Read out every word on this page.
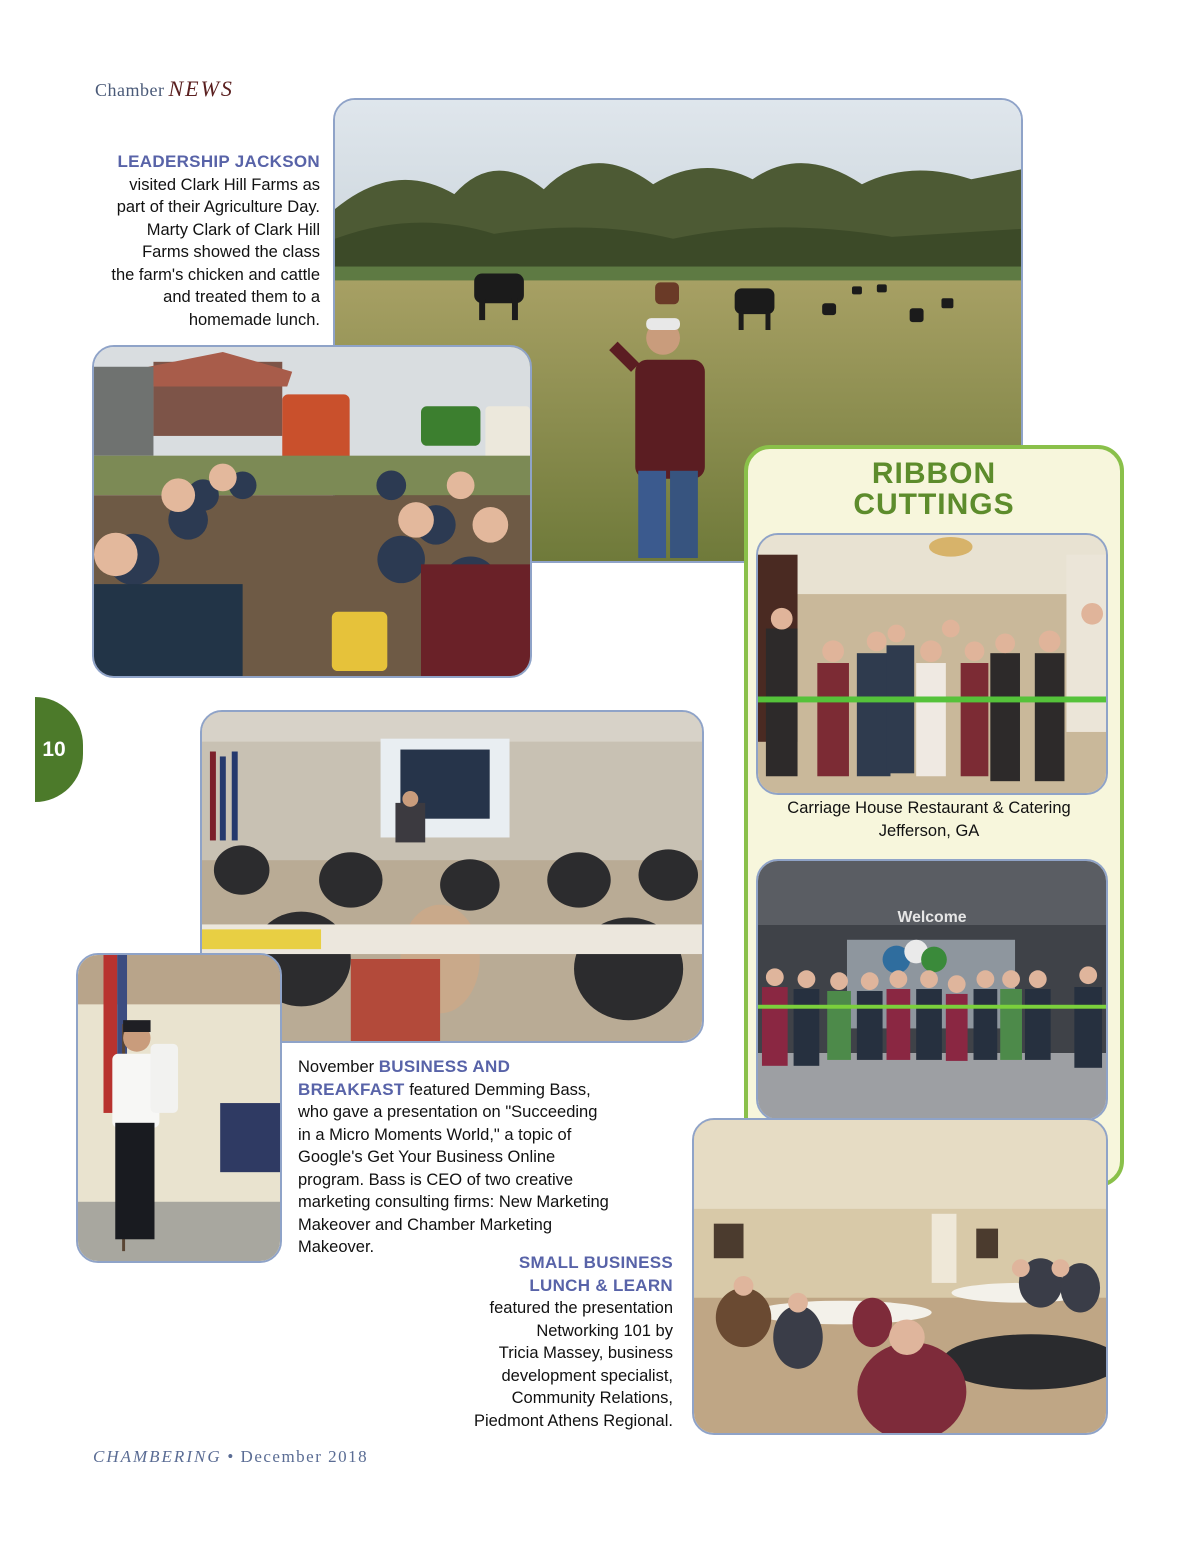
Chamber NEWS
LEADERSHIP JACKSON
visited Clark Hill Farms as
part of their Agriculture Day.
Marty Clark of Clark Hill
Farms showed the class
the farm's chicken and cattle
and treated them to a
homemade lunch.
10
RIBBON
CUTTINGS
Carriage House Restaurant & Catering
Jefferson, GA
Welcome
November BUSINESS AND
BREAKFAST featured Demming Bass,
who gave a presentation on "Succeeding
in a Micro Moments World," a topic of
Google's Get Your Business Online
program. Bass is CEO of two creative
marketing consulting firms: New Marketing
Makeover and Chamber Marketing
Makeover.
SMALL BUSINESS
LUNCH & LEARN
featured the presentation
Networking 101 by
Tricia Massey, business
development specialist,
Community Relations,
Piedmont Athens Regional.
CHAMBERING • December 2018
